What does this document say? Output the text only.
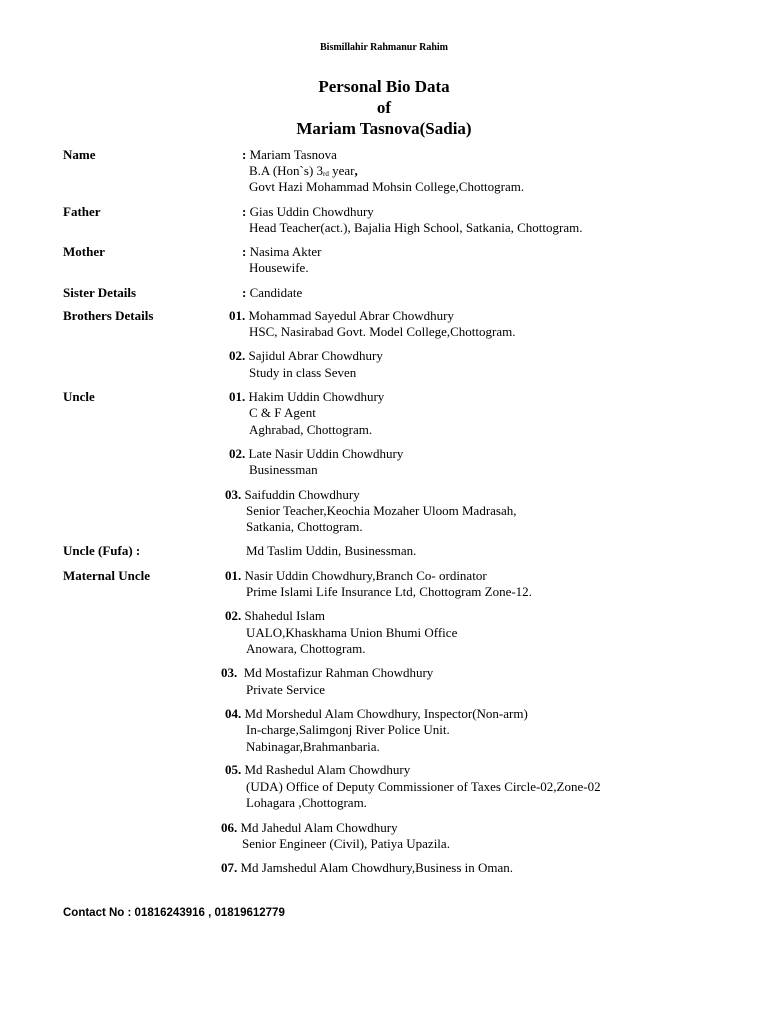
Bismillahir Rahmanur Rahim
Personal Bio Data
of
Mariam Tasnova(Sadia)
Name	: Mariam Tasnova
B.A (Hon`s) $3_{rd}$ year,
Govt Hazi Mohammad Mohsin College,Chottogram.
Father	: Gias Uddin Chowdhury
Head Teacher(act.), Bajalia High School, Satkania, Chottogram.
Mother	: Nasima Akter
Housewife.
Sister Details	: Candidate
Brothers Details	01. Mohammad Sayedul Abrar Chowdhury
HSC, Nasirabad Govt. Model College,Chottogram.
02. Sajidul Abrar Chowdhury
Study in class Seven
Uncle	01. Hakim Uddin Chowdhury
C & F Agent
Aghrabad, Chottogram.
02. Late Nasir Uddin Chowdhury
Businessman
03. Saifuddin Chowdhury
Senior Teacher,Keochia Mozaher Uloom Madrasah,
Satkania, Chottogram.
Uncle (Fufa) :	Md Taslim Uddin, Businessman.
Maternal Uncle	01. Nasir Uddin Chowdhury,Branch Co- ordinator
Prime Islami Life Insurance Ltd, Chottogram Zone-12.
02. Shahedul Islam
UALO,Khaskhama Union Bhumi Office
Anowara, Chottogram.
03. Md Mostafizur Rahman Chowdhury
Private Service
04. Md Morshedul Alam Chowdhury, Inspector(Non-arm)
In-charge,Salimgonj River Police Unit.
Nabinagar,Brahmanbaria.
05. Md Rashedul Alam Chowdhury
(UDA) Office of Deputy Commissioner of Taxes Circle-02,Zone-02
Lohagara ,Chottogram.
06. Md Jahedul Alam Chowdhury
Senior Engineer (Civil), Patiya Upazila.
07. Md Jamshedul Alam Chowdhury,Business in Oman.
Contact No : 01816243916 , 01819612779
